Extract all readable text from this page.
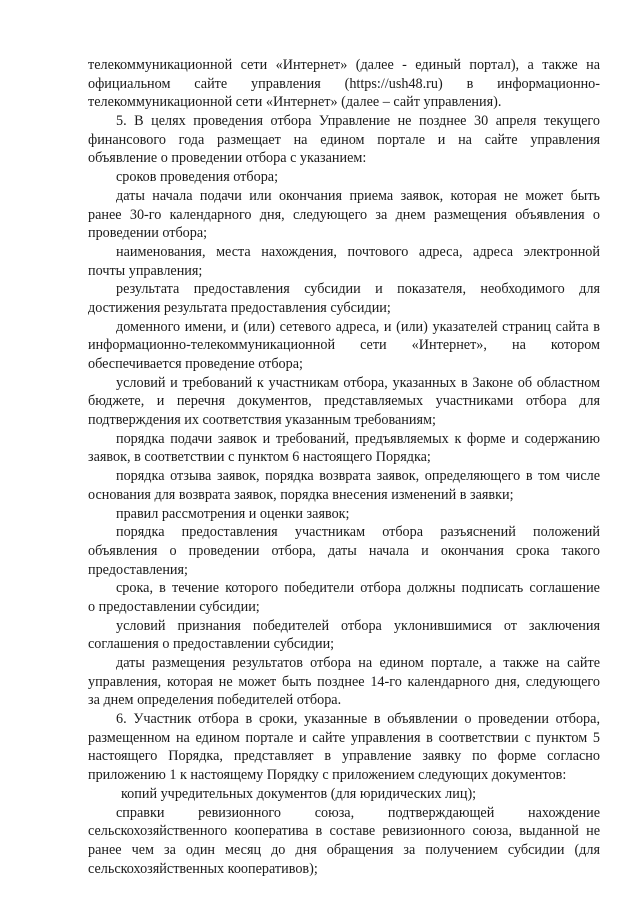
телекоммуникационной сети «Интернет» (далее - единый портал), а также на
официальном сайте управления (https://ush48.ru) в информационно-
телекоммуникационной сети «Интернет» (далее – сайт управления).
5. В целях проведения отбора Управление не позднее 30 апреля текущего
финансового года размещает на едином портале и на сайте управления
объявление о проведении отбора с указанием:
сроков проведения отбора;
даты начала подачи или окончания приема заявок, которая не может быть
ранее 30-го календарного дня, следующего за днем размещения объявления о
проведении отбора;
наименования, места нахождения, почтового адреса, адреса электронной
почты управления;
результата предоставления субсидии и показателя, необходимого для
достижения результата предоставления субсидии;
доменного имени, и (или) сетевого адреса, и (или) указателей страниц сайта в
информационно-телекоммуникационной сети «Интернет», на котором
обеспечивается проведение отбора;
условий и требований к участникам отбора, указанных в Законе об областном
бюджете, и перечня документов, представляемых участниками отбора для
подтверждения их соответствия указанным требованиям;
порядка подачи заявок и требований, предъявляемых к форме и содержанию
заявок, в соответствии с пунктом 6 настоящего Порядка;
порядка отзыва заявок, порядка возврата заявок, определяющего в том числе
основания для возврата заявок, порядка внесения изменений в заявки;
правил рассмотрения и оценки заявок;
порядка предоставления участникам отбора разъяснений положений
объявления о проведении отбора, даты начала и окончания срока такого
предоставления;
срока, в течение которого победители отбора должны подписать соглашение
о предоставлении субсидии;
условий признания победителей отбора уклонившимися от заключения
соглашения о предоставлении субсидии;
даты размещения результатов отбора на едином портале, а также на сайте
управления, которая не может быть позднее 14-го календарного дня, следующего
за днем определения победителей отбора.
6. Участник отбора в сроки, указанные в объявлении о проведении отбора,
размещенном на едином портале и сайте управления в соответствии с пунктом 5
настоящего Порядка, представляет в управление заявку по форме согласно
приложению 1 к настоящему Порядку с приложением следующих документов:
копий учредительных документов (для юридических лиц);
справки ревизионного союза, подтверждающей нахождение
сельскохозяйственного кооператива в составе ревизионного союза, выданной не
ранее чем за один месяц до дня обращения за получением субсидии (для
сельскохозяйственных кооперативов);
